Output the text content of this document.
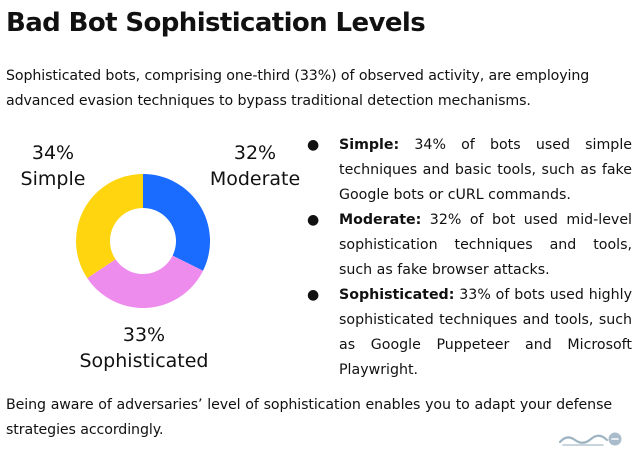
Bad Bot Sophistication Levels

Sophisticated bots, comprising one-third (33%) of observed activity, are employing advanced evasion techniques to bypass traditional detection mechanisms.

34%
Simple
32%
Moderate
33%
Sophisticated
● Simple: 34% of bots used simple techniques and basic tools, such as fake Google bots or cURL commands.
● Moderate: 32% of bot used mid-level sophistication techniques and tools, such as fake browser attacks.
● Sophisticated: 33% of bots used highly sophisticated techniques and tools, such as Google Puppeteer and Microsoft Playwright.

Being aware of adversaries’ level of sophistication enables you to adapt your defense strategies accordingly.
